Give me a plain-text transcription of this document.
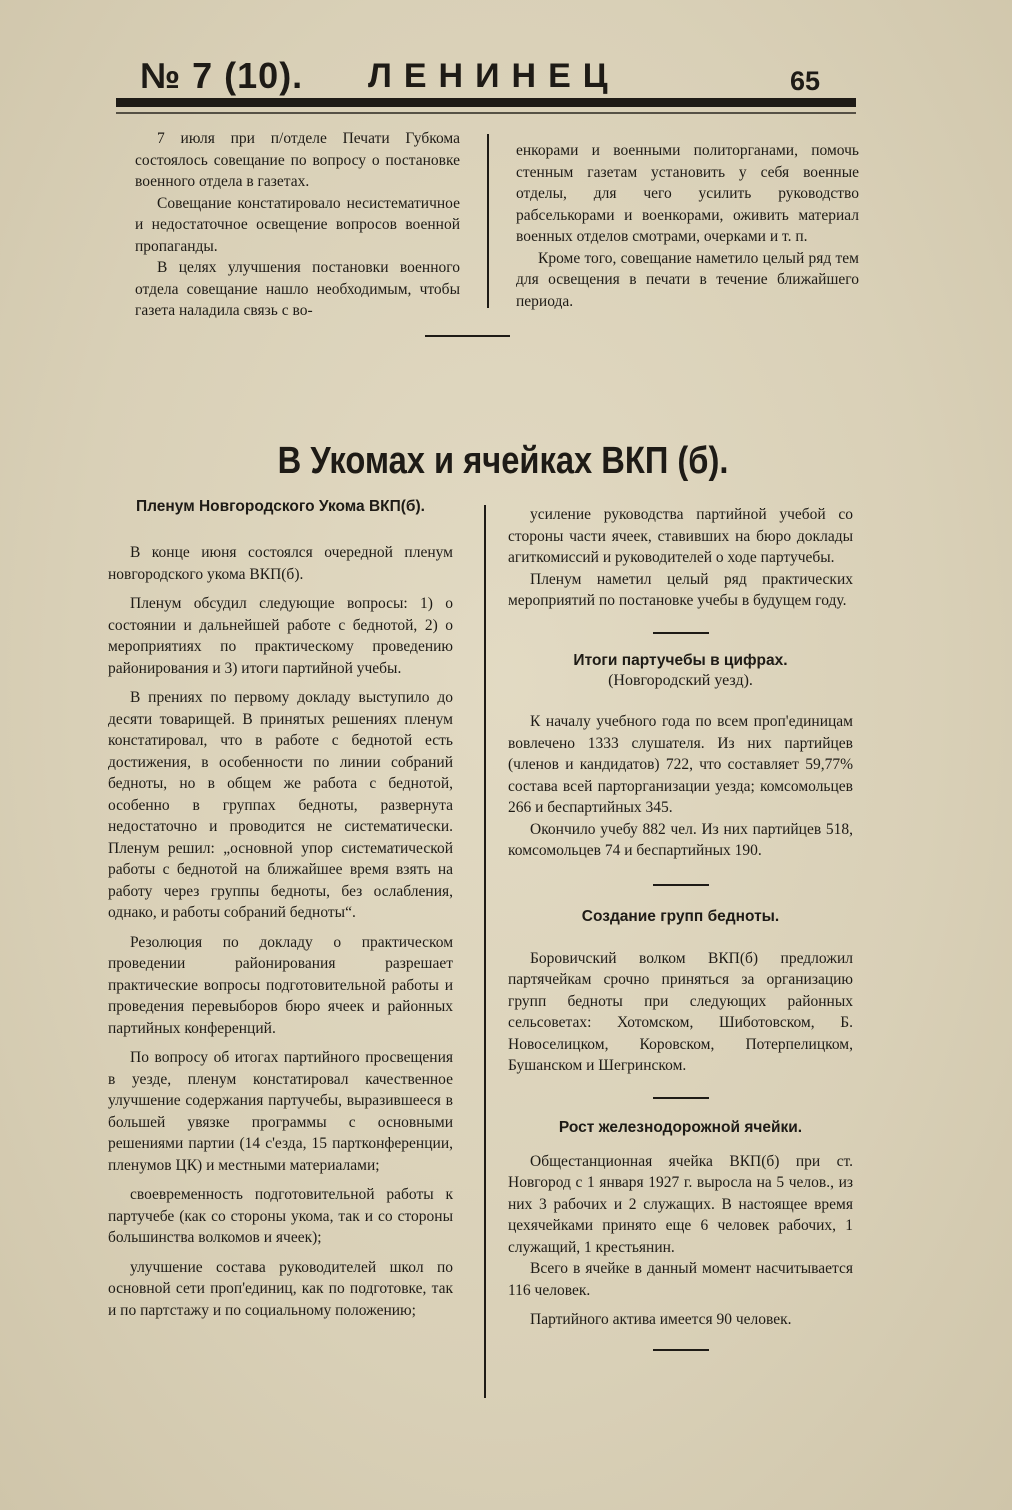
№ 7 (10). ЛЕНИНЕЦ	65

7 июля при п/отделе Печати Губкома состоялось совещание по вопросу о постановке военного отдела в газетах.

Совещание констатировало несистематичное и недостаточное освещение вопросов военной пропаганды.

В целях улучшения постановки военного отдела совещание нашло необходимым, чтобы газета наладила связь с во-

енкорами и военными политорганами, помочь стенным газетам установить у себя военные отделы, для чего усилить руководство рабселькорами и военкорами, оживить материал военных отделов смотрами, очерками и т. п.

Кроме того, совещание наметило целый ряд тем для освещения в печати в течение ближайшего периода.

В Укомах и ячейках ВКП (б).

Пленум Новгородского Укома ВКП(б).

В конце июня состоялся очередной пленум новгородского укома ВКП(б).

Пленум обсудил следующие вопросы: 1) о состоянии и дальнейшей работе с беднотой, 2) о мероприятиях по практическому проведению районирования и 3) итоги партийной учебы.

В прениях по первому докладу выступило до десяти товарищей. В принятых решениях пленум констатировал, что в работе с беднотой есть достижения, в особенности по линии собраний бедноты, но в общем же работа с беднотой, особенно в группах бедноты, развернута недостаточно и проводится не систематически. Пленум решил: „основной упор систематической работы с беднотой на ближайшее время взять на работу через группы бедноты, без ослабления, однако, и работы собраний бедноты“.

Резолюция по докладу о практическом проведении районирования разрешает практические вопросы подготовительной работы и проведения перевыборов бюро ячеек и районных партийных конференций.

По вопросу об итогах партийного просвещения в уезде, пленум констатировал качественное улучшение содержания партучебы, выразившееся в большей увязке программы с основными решениями партии (14 с'езда, 15 партконференции, пленумов ЦК) и местными материалами;

своевременность подготовительной работы к партучебе (как со стороны укома, так и со стороны большинства волкомов и ячеек);

улучшение состава руководителей школ по основной сети проп'единиц, как по подготовке, так и по партстажу и по социальному положению;

усиление руководства партийной учебой со стороны части ячеек, ставивших на бюро доклады агиткомиссий и руководителей о ходе партучебы.

Пленум наметил целый ряд практических мероприятий по постановке учебы в будущем году.

Итоги партучебы в цифрах.

(Новгородский уезд).

К началу учебного года по всем проп'единицам вовлечено 1333 слушателя. Из них партийцев (членов и кандидатов) 722, что составляет 59,77% состава всей парторганизации уезда; комсомольцев 266 и беспартийных 345.

Окончило учебу 882 чел. Из них партийцев 518, комсомольцев 74 и беспартийных 190.

Создание групп бедноты.

Боровичский волком ВКП(б) предложил партячейкам срочно приняться за организацию групп бедноты при следующих районных сельсоветах: Хотомском, Шиботовском, Б. Новоселицком, Коровском, Потерпелицком, Бушанском и Шегринском.

Рост железнодорожной ячейки.

Общестанционная ячейка ВКП(б) при ст. Новгород с 1 января 1927 г. выросла на 5 челов., из них 3 рабочих и 2 служащих. В настоящее время цехячейками принято еще 6 человек рабочих, 1 служащий, 1 крестьянин.

Всего в ячейке в данный момент насчитывается 116 человек.

Партийного актива имеется 90 человек.
